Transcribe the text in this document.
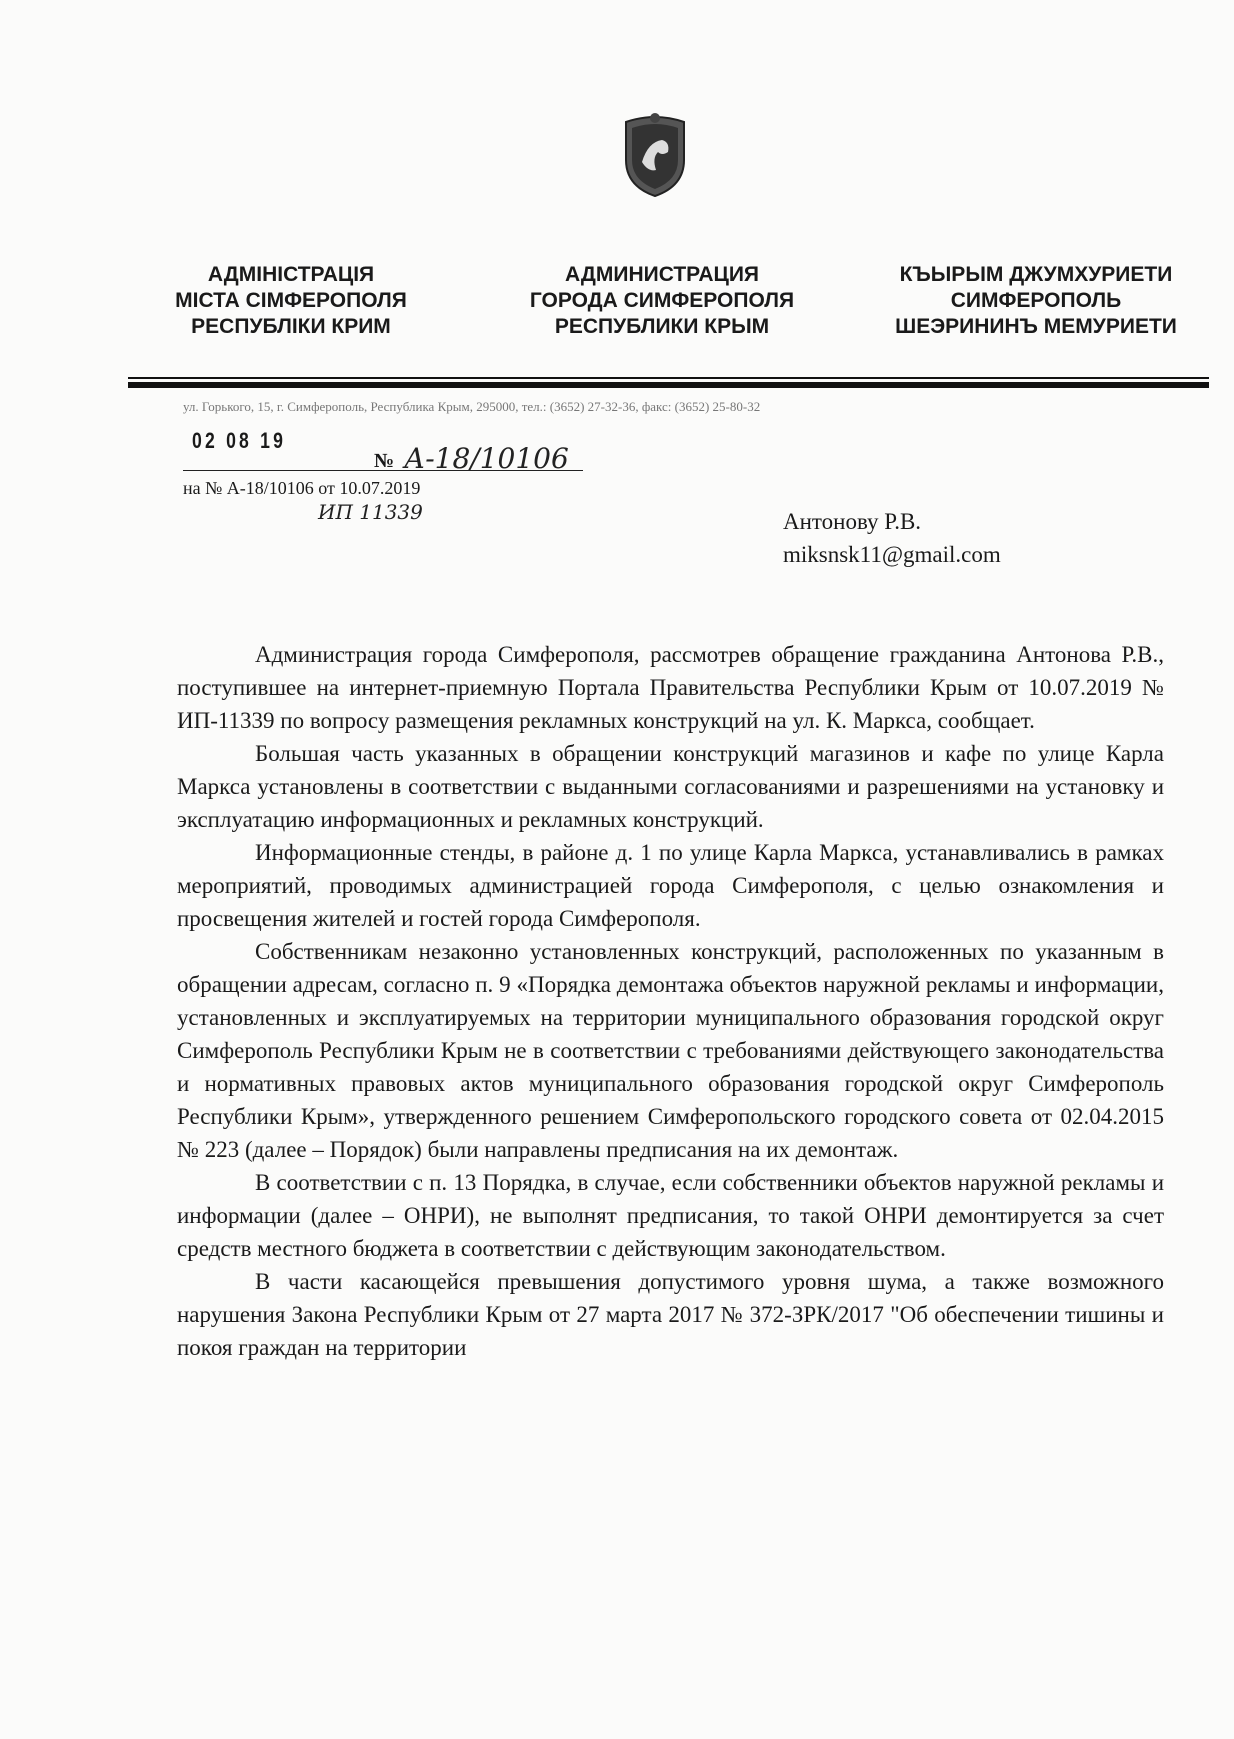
АДМІНІСТРАЦІЯ
МІСТА СІМФЕРОПОЛЯ
РЕСПУБЛІКИ КРИМ
АДМИНИСТРАЦИЯ
ГОРОДА СИМФЕРОПОЛЯ
РЕСПУБЛИКИ КРЫМ
КЪЫРЫМ ДЖУМХУРИЕТИ
СИМФЕРОПОЛЬ
ШЕЭРИНИНЪ МЕМУРИЕТИ
ул. Горького, 15, г. Симферополь, Республика Крым, 295000, тел.: (3652) 27-32-36, факс: (3652) 25-80-32
02 08 19
№ А-18/10106
на № А-18/10106 от 10.07.2019
ИП 11339	Антонову Р.В.
miksnsk11@gmail.com

Администрация города Симферополя, рассмотрев обращение гражданина Антонова Р.В., поступившее на интернет-приемную Портала Правительства Республики Крым от 10.07.2019 № ИП-11339 по вопросу размещения рекламных конструкций на ул. К. Маркса, сообщает.

Большая часть указанных в обращении конструкций магазинов и кафе по улице Карла Маркса установлены в соответствии с выданными согласованиями и разрешениями на установку и эксплуатацию информационных и рекламных конструкций.

Информационные стенды, в районе д. 1 по улице Карла Маркса, устанавливались в рамках мероприятий, проводимых администрацией города Симферополя, с целью ознакомления и просвещения жителей и гостей города Симферополя.

Собственникам незаконно установленных конструкций, расположенных по указанным в обращении адресам, согласно п. 9 «Порядка демонтажа объектов наружной рекламы и информации, установленных и эксплуатируемых на территории муниципального образования городской округ Симферополь Республики Крым не в соответствии с требованиями действующего законодательства и нормативных правовых актов муниципального образования городской округ Симферополь Республики Крым», утвержденного решением Симферопольского городского совета от 02.04.2015 № 223 (далее – Порядок) были направлены предписания на их демонтаж.

В соответствии с п. 13 Порядка, в случае, если собственники объектов наружной рекламы и информации (далее – ОНРИ), не выполнят предписания, то такой ОНРИ демонтируется за счет средств местного бюджета в соответствии с действующим законодательством.

В части касающейся превышения допустимого уровня шума, а также возможного нарушения Закона Республики Крым от 27 марта 2017 № 372-ЗРК/2017 "Об обеспечении тишины и покоя граждан на территории
